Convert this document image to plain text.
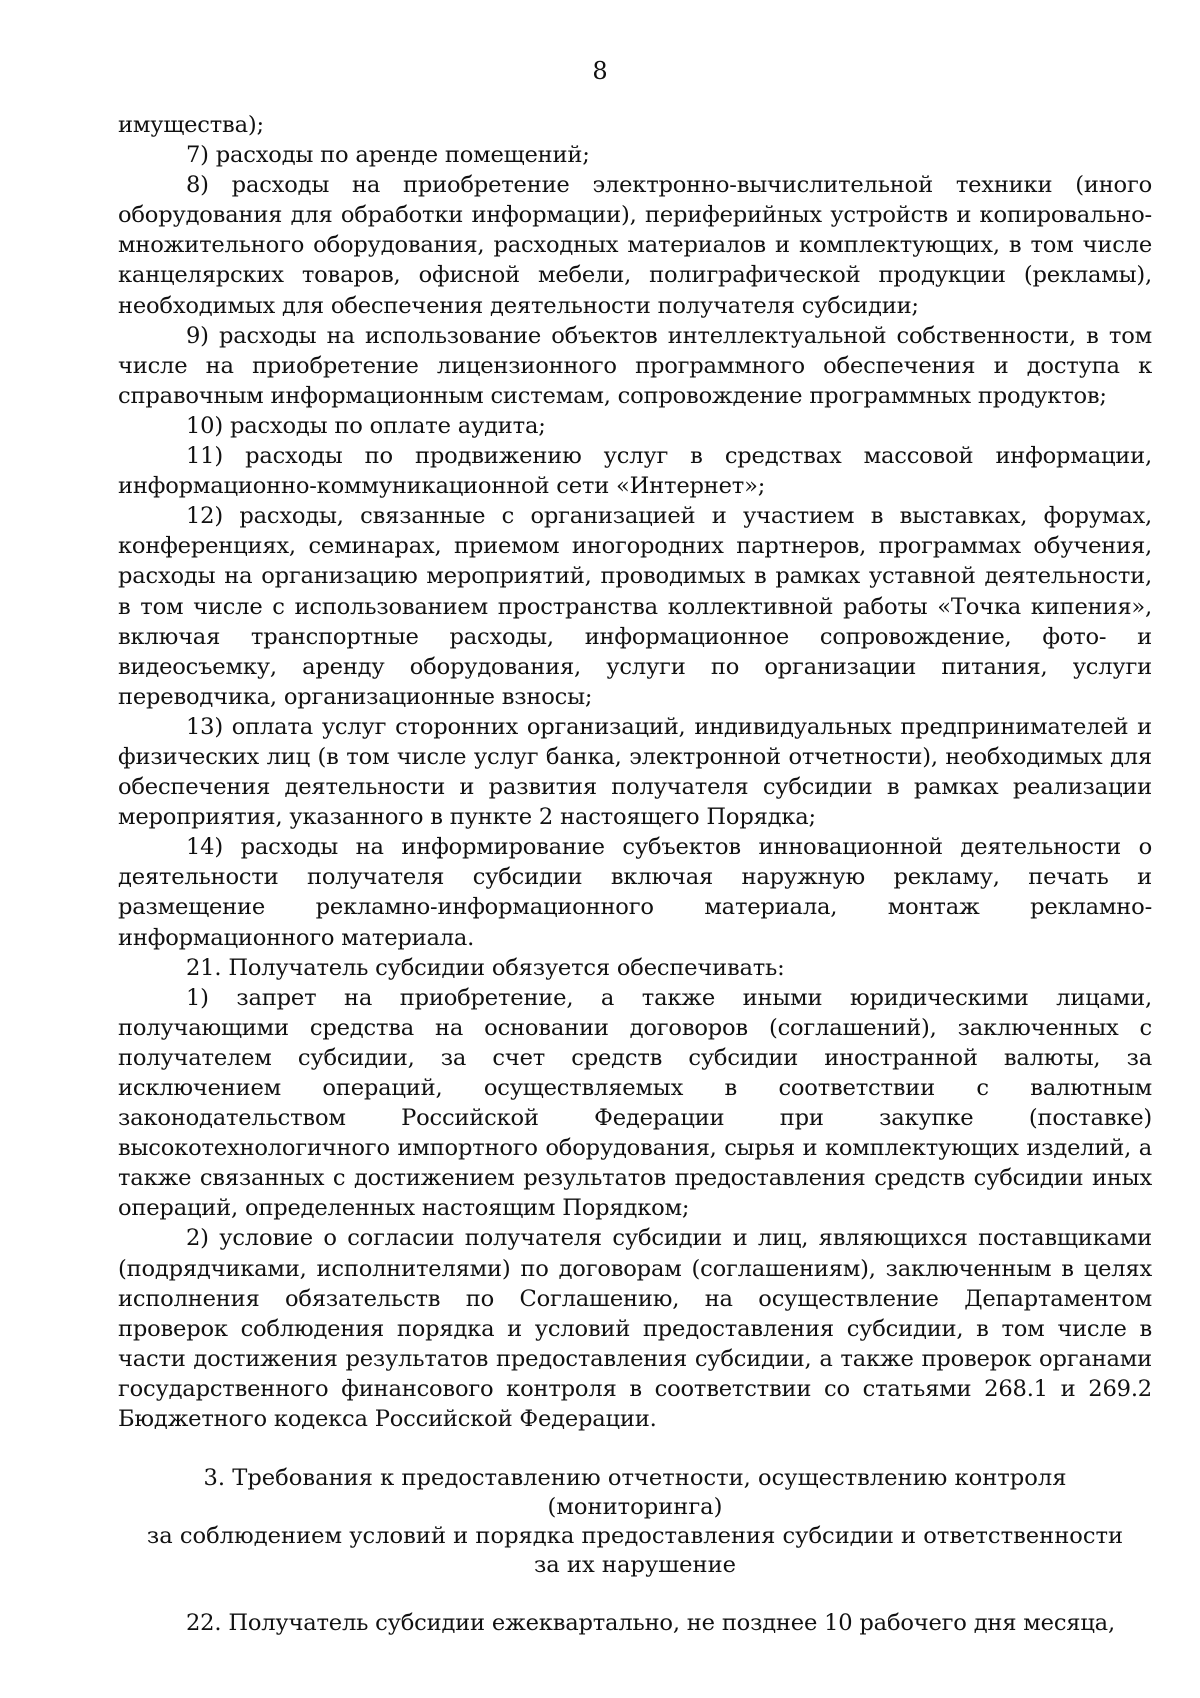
8

имущества);

7) расходы по аренде помещений;

8) расходы на приобретение электронно-вычислительной техники (иного оборудования для обработки информации), периферийных устройств и копировально-множительного оборудования, расходных материалов и комплектующих, в том числе канцелярских товаров, офисной мебели, полиграфической продукции (рекламы), необходимых для обеспечения деятельности получателя субсидии;

9) расходы на использование объектов интеллектуальной собственности, в том числе на приобретение лицензионного программного обеспечения и доступа к справочным информационным системам, сопровождение программных продуктов;

10) расходы по оплате аудита;

11) расходы по продвижению услуг в средствах массовой информации, информационно-коммуникационной сети «Интернет»;

12) расходы, связанные с организацией и участием в выставках, форумах, конференциях, семинарах, приемом иногородних партнеров, программах обучения, расходы на организацию мероприятий, проводимых в рамках уставной деятельности, в том числе с использованием пространства коллективной работы «Точка кипения», включая транспортные расходы, информационное сопровождение, фото- и видеосъемку, аренду оборудования, услуги по организации питания, услуги переводчика, организационные взносы;

13) оплата услуг сторонних организаций, индивидуальных предпринимателей и физических лиц (в том числе услуг банка, электронной отчетности), необходимых для обеспечения деятельности и развития получателя субсидии в рамках реализации мероприятия, указанного в пункте 2 настоящего Порядка;

14) расходы на информирование субъектов инновационной деятельности о деятельности получателя субсидии включая наружную рекламу, печать и размещение рекламно-информационного материала, монтаж рекламно-информационного материала.

21. Получатель субсидии обязуется обеспечивать:

1) запрет на приобретение, а также иными юридическими лицами, получающими средства на основании договоров (соглашений), заключенных с получателем субсидии, за счет средств субсидии иностранной валюты, за исключением операций, осуществляемых в соответствии с валютным законодательством Российской Федерации при закупке (поставке) высокотехнологичного импортного оборудования, сырья и комплектующих изделий, а также связанных с достижением результатов предоставления средств субсидии иных операций, определенных настоящим Порядком;

2) условие о согласии получателя субсидии и лиц, являющихся поставщиками (подрядчиками, исполнителями) по договорам (соглашениям), заключенным в целях исполнения обязательств по Соглашению, на осуществление Департаментом проверок соблюдения порядка и условий предоставления субсидии, в том числе в части достижения результатов предоставления субсидии, а также проверок органами государственного финансового контроля в соответствии со статьями 268.1 и 269.2 Бюджетного кодекса Российской Федерации.

3. Требования к предоставлению отчетности, осуществлению контроля (мониторинга)
за соблюдением условий и порядка предоставления субсидии и ответственности
за их нарушение

22. Получатель субсидии ежеквартально, не позднее 10 рабочего дня месяца,
